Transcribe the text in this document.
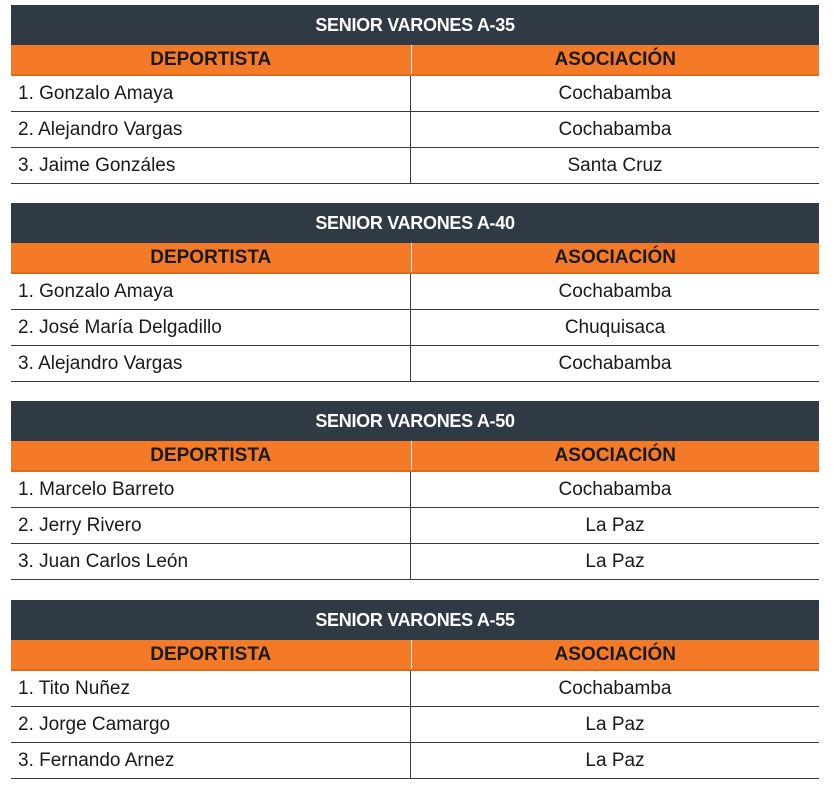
SENIOR VARONES A-35
DEPORTISTA	ASOCIACIÓN
1. Gonzalo Amaya	Cochabamba
2. Alejandro Vargas	Cochabamba
3. Jaime Gonzáles	Santa Cruz
SENIOR VARONES A-40
DEPORTISTA	ASOCIACIÓN
1. Gonzalo Amaya	Cochabamba
2. José María Delgadillo	Chuquisaca
3. Alejandro Vargas	Cochabamba
SENIOR VARONES A-50
DEPORTISTA	ASOCIACIÓN
1. Marcelo Barreto	Cochabamba
2. Jerry Rivero	La Paz
3. Juan Carlos León	La Paz
SENIOR VARONES A-55
DEPORTISTA	ASOCIACIÓN
1. Tito Nuñez	Cochabamba
2. Jorge Camargo	La Paz
3. Fernando Arnez	La Paz
